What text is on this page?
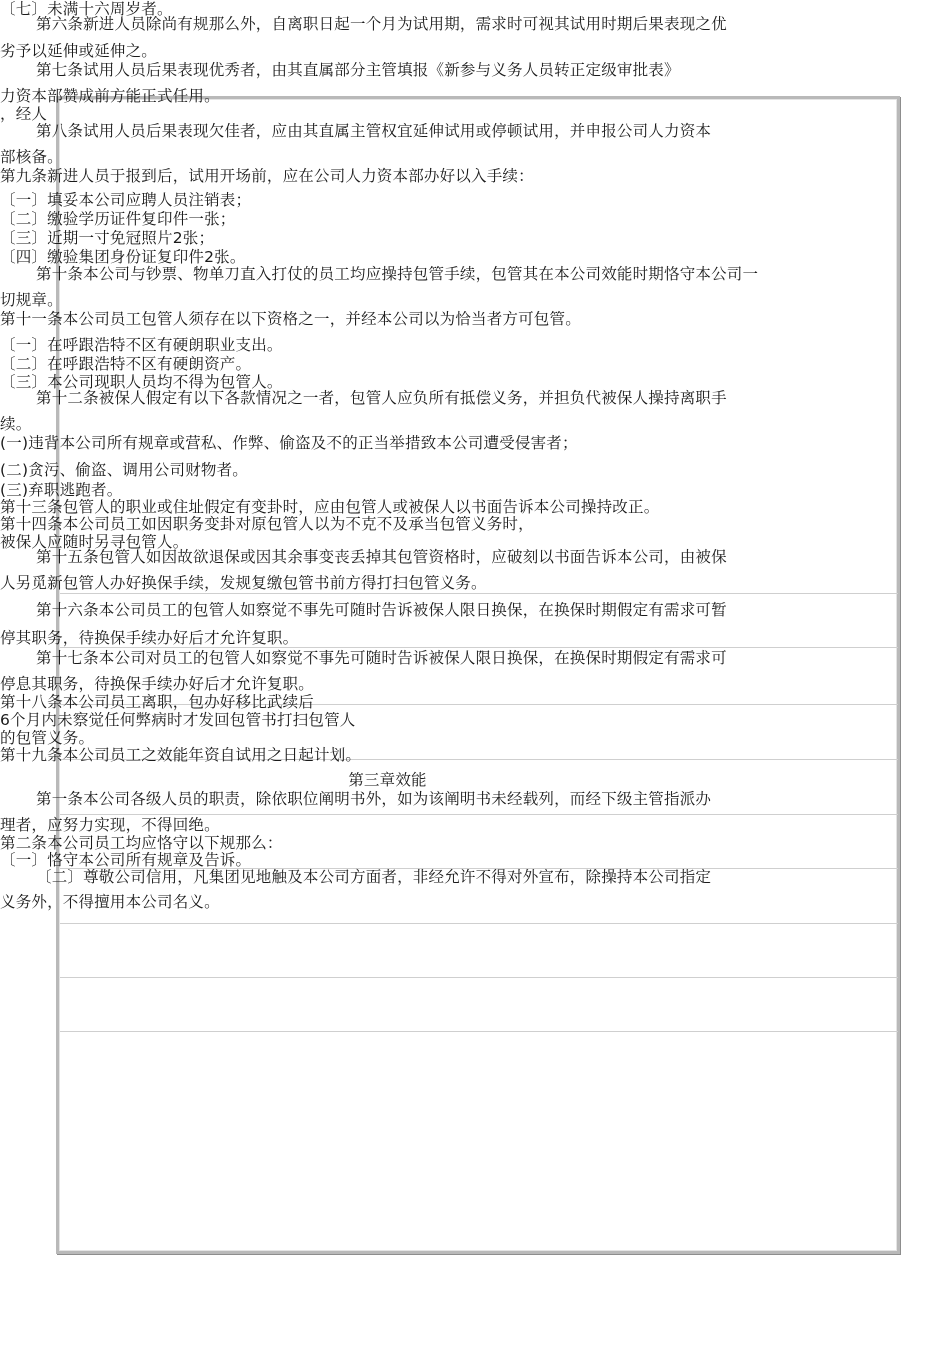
〔七〕未满十六周岁者。
第六条新进人员除尚有规那么外，自离职日起一个月为试用期，需求时可视其试用时期后果表现之优
劣予以延伸或延伸之。
第七条试用人员后果表现优秀者，由其直属部分主管填报《新参与义务人员转正定级审批表》
力资本部赞成前方能正式任用。
，经人
第八条试用人员后果表现欠佳者，应由其直属主管权宜延伸试用或停顿试用，并申报公司人力资本
部核备。
第九条新进人员于报到后，试用开场前，应在公司人力资本部办好以入手续：
〔一〕填妥本公司应聘人员注销表；
〔二〕缴验学历证件复印件一张；
〔三〕近期一寸免冠照片2张；
〔四〕缴验集团身份证复印件2张。
第十条本公司与钞票、物单刀直入打仗的员工均应操持包管手续，包管其在本公司效能时期恪守本公司一
切规章。
第十一条本公司员工包管人须存在以下资格之一，并经本公司以为恰当者方可包管。
〔一〕在呼跟浩特不区有硬朗职业支出。
〔二〕在呼跟浩特不区有硬朗资产。
〔三〕本公司现职人员均不得为包管人。
第十二条被保人假定有以下各款情况之一者，包管人应负所有抵偿义务，并担负代被保人操持离职手
续。
(一)违背本公司所有规章或营私、作弊、偷盗及不的正当举措致本公司遭受侵害者；
(二)贪污、偷盗、调用公司财物者。
(三)弃职逃跑者。
第十三条包管人的职业或住址假定有变卦时，应由包管人或被保人以书面告诉本公司操持改正。
第十四条本公司员工如因职务变卦对原包管人以为不克不及承当包管义务时，
被保人应随时另寻包管人。
第十五条包管人如因故欲退保或因其余事变丧丢掉其包管资格时，应破刻以书面告诉本公司，由被保
人另觅新包管人办好换保手续，发规复缴包管书前方得打扫包管义务。
第十六条本公司员工的包管人如察觉不事先可随时告诉被保人限日换保，在换保时期假定有需求可暂
停其职务，待换保手续办好后才允许复职。
第十七条本公司对员工的包管人如察觉不事先可随时告诉被保人限日换保，在换保时期假定有需求可
停息其职务，待换保手续办好后才允许复职。
第十八条本公司员工离职，包办好移比武续后
6个月内未察觉任何弊病时才发回包管书打扫包管人
的包管义务。
第十九条本公司员工之效能年资自试用之日起计划。
第三章效能
第一条本公司各级人员的职责，除依职位阐明书外，如为该阐明书未经载列，而经下级主管指派办
理者，应努力实现，不得回绝。
第二条本公司员工均应恪守以下规那么：
〔一〕恪守本公司所有规章及告诉。
〔二〕尊敬公司信用，凡集团见地触及本公司方面者，非经允许不得对外宣布，除操持本公司指定
义务外，不得擅用本公司名义。
